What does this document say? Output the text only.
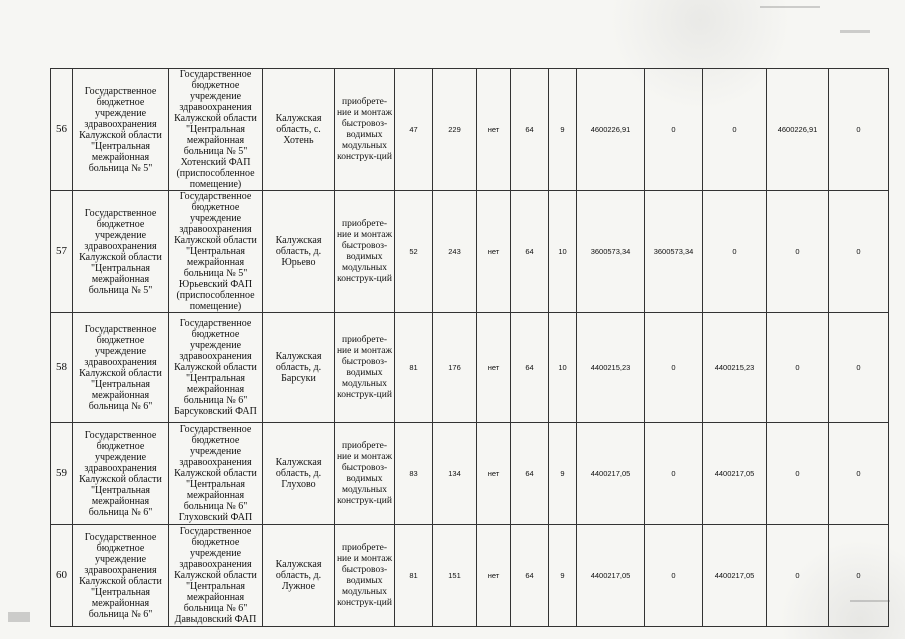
56	Государственное бюджетное учреждение здравоохранения Калужской области "Центральная межрайонная больница № 5"	Государственное бюджетное учреждение здравоохранения Калужской области "Центральная межрайонная больница № 5" Хотенский ФАП (приспособленное помещение)	Калужская область, с. Хотень	приобрете-ние и монтаж быстровоз-водимых модульных конструк-ций	47	229	нет	64	9	4600226,91	0	0	4600226,91	0
57	Государственное бюджетное учреждение здравоохранения Калужской области "Центральная межрайонная больница № 5"	Государственное бюджетное учреждение здравоохранения Калужской области "Центральная межрайонная больница № 5" Юрьевский ФАП (приспособленное помещение)	Калужская область, д. Юрьево	приобрете-ние и монтаж быстровоз-водимых модульных конструк-ций	52	243	нет	64	10	3600573,34	3600573,34	0	0	0
58	Государственное бюджетное учреждение здравоохранения Калужской области "Центральная межрайонная больница № 6"	Государственное бюджетное учреждение здравоохранения Калужской области "Центральная межрайонная больница № 6" Барсуковский ФАП	Калужская область, д. Барсуки	приобрете-ние и монтаж быстровоз-водимых модульных конструк-ций	81	176	нет	64	10	4400215,23	0	4400215,23	0	0
59	Государственное бюджетное учреждение здравоохранения Калужской области "Центральная межрайонная больница № 6"	Государственное бюджетное учреждение здравоохранения Калужской области "Центральная межрайонная больница № 6" Глуховский ФАП	Калужская область, д. Глухово	приобрете-ние и монтаж быстровоз-водимых модульных конструк-ций	83	134	нет	64	9	4400217,05	0	4400217,05	0	0
60	Государственное бюджетное учреждение здравоохранения Калужской области "Центральная межрайонная больница № 6"	Государственное бюджетное учреждение здравоохранения Калужской области "Центральная межрайонная больница № 6" Давыдовский ФАП	Калужская область, д. Лужное	приобрете-ние и монтаж быстровоз-водимых модульных конструк-ций	81	151	нет	64	9	4400217,05	0	4400217,05	0	0
